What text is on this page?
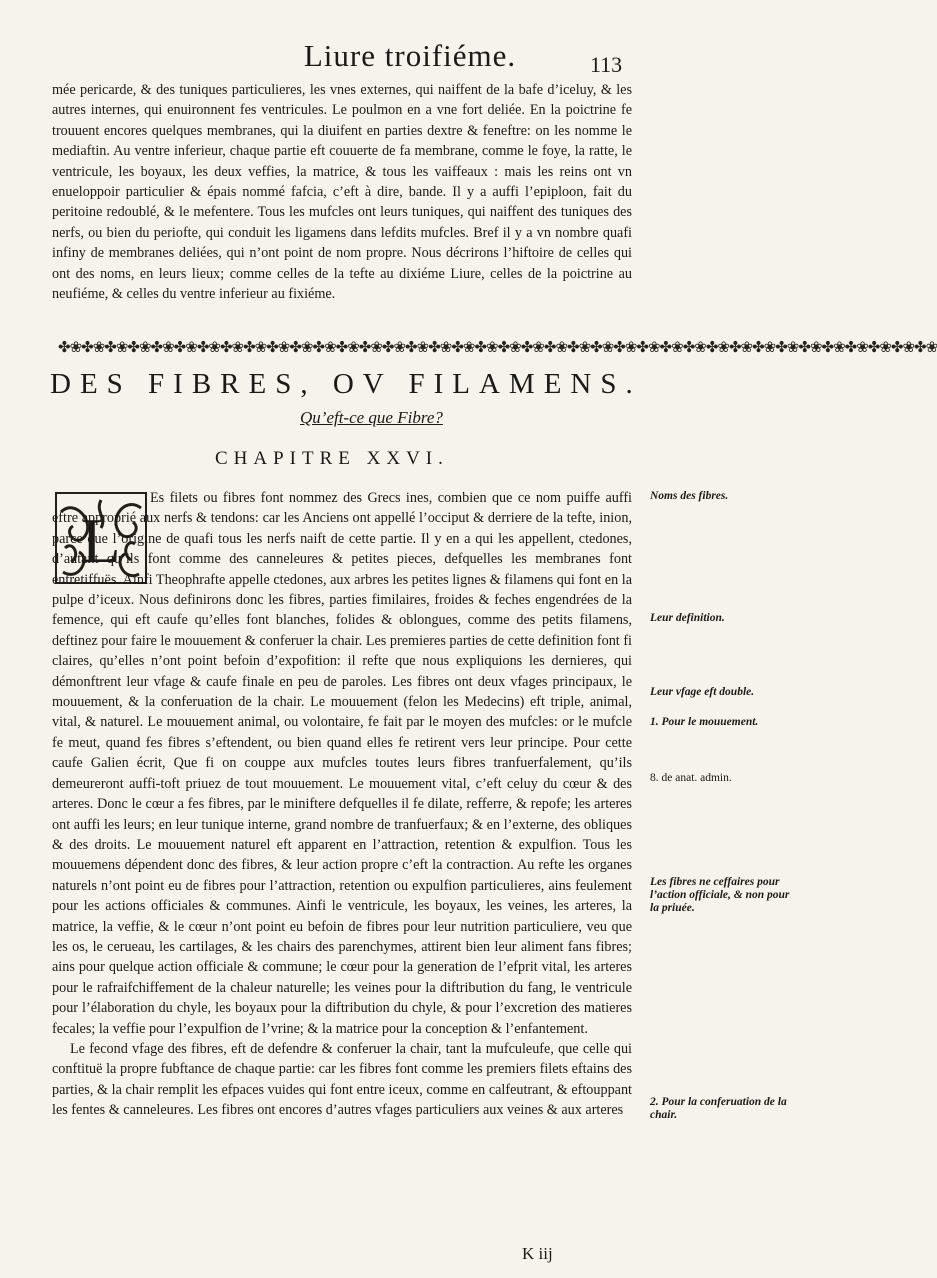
Liure troifiéme.	113

mée pericarde, & des tuniques particulieres, les vnes externes, qui naiffent de la bafe d’iceluy, & les autres internes, qui enuironnent fes ventricules. Le poulmon en a vne fort deliée. En la poictrine fe trouuent encores quelques membranes, qui la diuifent en parties dextre & feneftre: on les nomme le mediaftin. Au ventre inferieur, chaque partie eft couuerte de fa membrane, comme le foye, la ratte, le ventricule, les boyaux, les deux veffies, la matrice, & tous les vaiffeaux : mais les reins ont vn enueloppoir particulier & épais nommé fafcia, c’eft à dire, bande. Il y a auffi l’epiploon, fait du peritoine redoublé, & le mefentere. Tous les mufcles ont leurs tuniques, qui naiffent des tuniques des nerfs, ou bien du periofte, qui conduit les ligamens dans lefdits mufcles. Bref il y a vn nombre quafi infiny de membranes deliées, qui n’ont point de nom propre. Nous décrirons l’hiftoire de celles qui ont des noms, en leurs lieux; comme celles de la tefte au dixiéme Liure, celles de la poictrine au neufiéme, & celles du ventre inferieur au fixiéme.

✤❀✤❀✤❀✤❀✤❀✤❀✤❀✤❀✤❀✤❀✤❀✤❀✤❀✤❀✤❀✤❀✤❀✤❀✤❀✤❀✤❀✤❀✤❀✤❀✤❀✤❀✤❀✤❀✤❀✤❀✤❀✤❀✤❀✤❀✤❀✤❀✤❀✤❀
DES FIBRES, OV FILAMENS.
Qu’eft-ce que Fibre?
CHAPITRE XXVI.
L

Es filets ou fibres font nommez des Grecs ines, combien que ce nom puiffe auffi eftre approprié aux nerfs & tendons: car les Anciens ont appellé l’occiput & derriere de la tefte, inion, parce que l’origine de quafi tous les nerfs naift de cette partie. Il y en a qui les appellent, ctedones, d’autant qu’ils font comme des canneleures & petites pieces, defquelles les membranes font entretiffuës. Ainfi Theophrafte appelle ctedones, aux arbres les petites lignes & filamens qui font en la pulpe d’iceux. Nous definirons donc les fibres, parties fimilaires, froides & feches engendrées de la femence, qui eft caufe qu’elles font blanches, folides & oblongues, comme des petits filamens, deftinez pour faire le mouuement & conferuer la chair. Les premieres parties de cette definition font fi claires, qu’elles n’ont point befoin d’expofition: il refte que nous expliquions les dernieres, qui démonftrent leur vfage & caufe finale en peu de paroles. Les fibres ont deux vfages principaux, le mouuement, & la conferuation de la chair. Le mouuement (felon les Medecins) eft triple, animal, vital, & naturel. Le mouuement animal, ou volontaire, fe fait par le moyen des mufcles: or le mufcle fe meut, quand fes fibres s’eftendent, ou bien quand elles fe retirent vers leur principe. Pour cette caufe Galien écrit, Que fi on couppe aux mufcles toutes leurs fibres tranfuerfalement, qu’ils demeureront auffi-toft priuez de tout mouuement. Le mouuement vital, c’eft celuy du cœur & des arteres. Donc le cœur a fes fibres, par le miniftere defquelles il fe dilate, refferre, & repofe; les arteres ont auffi les leurs; en leur tunique interne, grand nombre de tranfuerfaux; & en l’externe, des obliques & des droits. Le mouuement naturel eft apparent en l’attraction, retention & expulfion. Tous les mouuemens dépendent donc des fibres, & leur action propre c’eft la contraction. Au refte les organes naturels n’ont point eu de fibres pour l’attraction, retention ou expulfion particulieres, ains feulement pour les actions officiales & communes. Ainfi le ventricule, les boyaux, les veines, les arteres, la matrice, la veffie, & le cœur n’ont point eu befoin de fibres pour leur nutrition particuliere, veu que les os, le cerueau, les cartilages, & les chairs des parenchymes, attirent bien leur aliment fans fibres; ains pour quelque action officiale & commune; le cœur pour la generation de l’efprit vital, les arteres pour le rafraifchiffement de la chaleur naturelle; les veines pour la diftribution du fang, le ventricule pour l’élaboration du chyle, les boyaux pour la diftribution du chyle, & pour l’excretion des matieres fecales; la veffie pour l’expulfion de l’vrine; & la matrice pour la conception & l’enfantement.

Le fecond vfage des fibres, eft de defendre & conferuer la chair, tant la mufculeufe, que celle qui conftituë la propre fubftance de chaque partie: car les fibres font comme les premiers filets eftains des parties, & la chair remplit les efpaces vuides qui font entre iceux, comme en calfeutrant, & eftouppant les fentes & canneleures. Les fibres ont encores d’autres vfages particuliers aux veines & aux arteres

Noms des fibres.
Leur definition.
Leur vfage eft double.
1. Pour le mouuement.
8. de anat. admin.
Les fibres ne ceffaires pour l’action officiale, & non pour la priuée.
2. Pour la conferuation de la chair.
K iij
